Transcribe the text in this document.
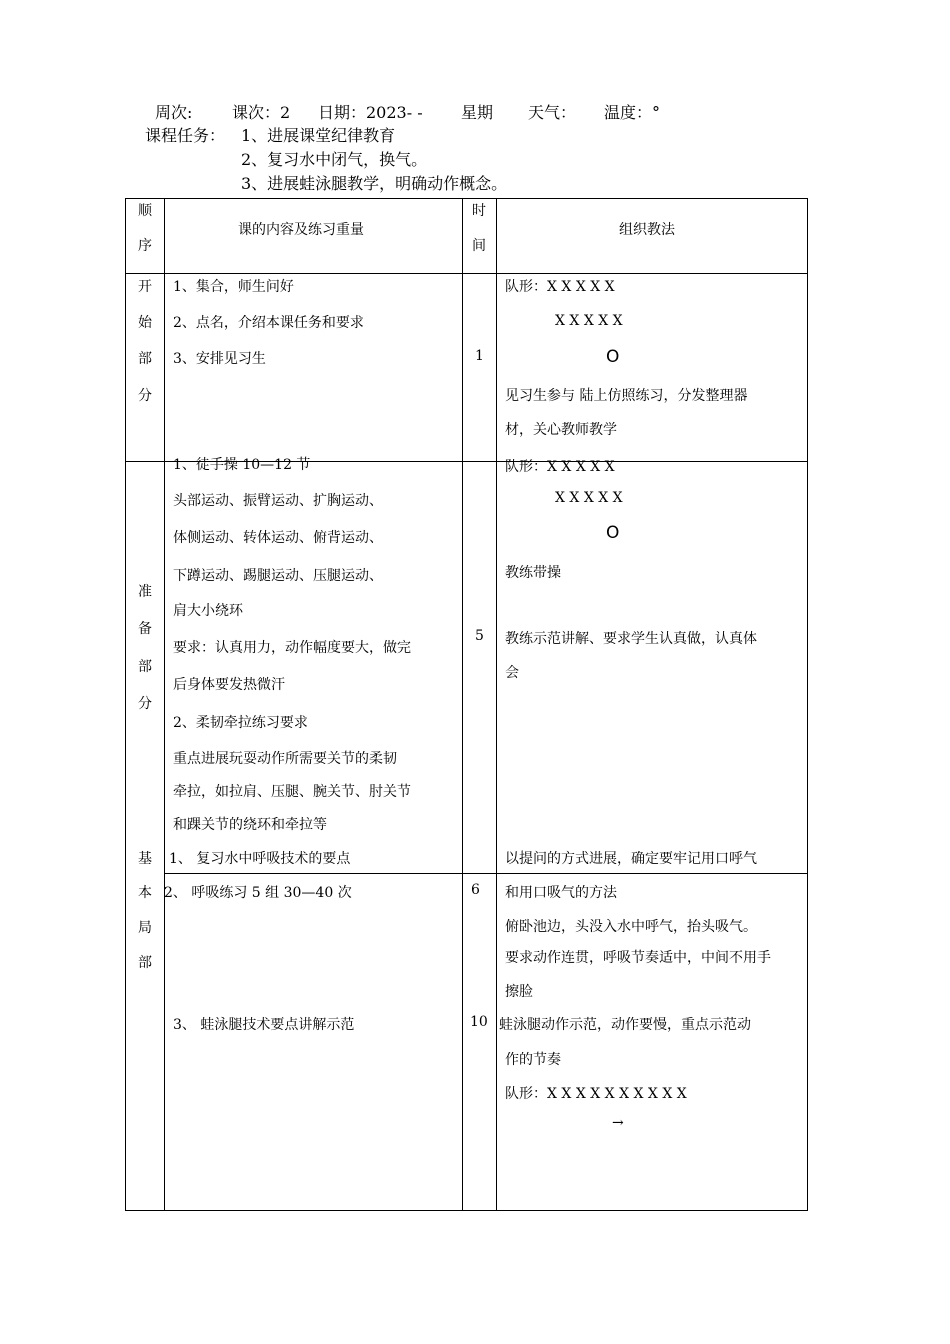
周次: 课次：2 日期：2023- - 星期 天气： 温度：°
课程任务： 1、进展课堂纪律教育
2、复习水中闭气，换气。
3、进展蛙泳腿教学，明确动作概念。
顺
序
课的内容及练习重量
时
间
组织教法
开
始
部
分
1、集合，师生问好
2、点名，介绍本课任务和要求
3、安排见习生	1
队形：X X X X X
X X X X X
O
见习生参与 陆上仿照练习，分发整理器
材，关心教师教学
准
备
部
分
1、徒手操 10—12 节
头部运动、振臂运动、扩胸运动、
体侧运动、转体运动、俯背运动、
下蹲运动、踢腿运动、压腿运动、
肩大小绕环
要求：认真用力，动作幅度要大，做完
后身体要发热微汗
2、柔韧牵拉练习要求
重点进展玩耍动作所需要关节的柔韧
牵拉，如拉肩、压腿、腕关节、肘关节
和踝关节的绕环和牵拉等
5
队形：X X X X X
X X X X X
O
教练带操
教练示范讲解、要求学生认真做，认真体
会
基
本
局
部
1、 复习水中呼吸技术的要点
2、 呼吸练习 5 组 30—40 次
3、 蛙泳腿技术要点讲解示范
6
10
以提问的方式进展，确定要牢记用口呼气
和用口吸气的方法
俯卧池边，头没入水中呼气，抬头吸气。
要求动作连贯，呼吸节奏适中，中间不用手
擦脸
蛙泳腿动作示范，动作要慢，重点示范动
作的节奏
队形：X X X X X X X X X X
→
